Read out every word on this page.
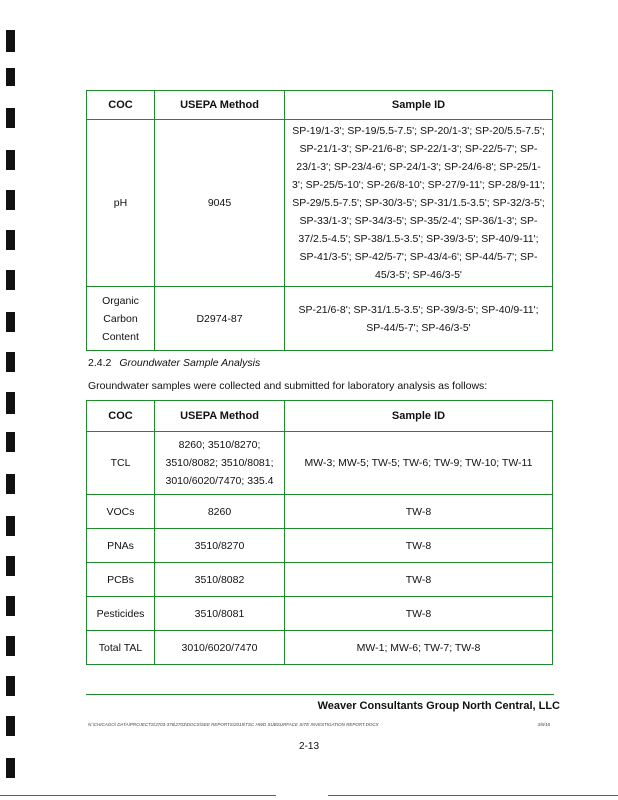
COC	USEPA Method	Sample ID
pH	9045	SP-19/1-3'; SP-19/5.5-7.5'; SP-20/1-3'; SP-20/5.5-7.5'; SP-21/1-3'; SP-21/6-8'; SP-22/1-3'; SP-22/5-7'; SP-23/1-3'; SP-23/4-6'; SP-24/1-3'; SP-24/6-8'; SP-25/1-3'; SP-25/5-10'; SP-26/8-10'; SP-27/9-11'; SP-28/9-11'; SP-29/5.5-7.5'; SP-30/3-5'; SP-31/1.5-3.5'; SP-32/3-5'; SP-33/1-3'; SP-34/3-5'; SP-35/2-4'; SP-36/1-3'; SP-37/2.5-4.5'; SP-38/1.5-3.5'; SP-39/3-5'; SP-40/9-11'; SP-41/3-5'; SP-42/5-7'; SP-43/4-6'; SP-44/5-7'; SP-45/3-5'; SP-46/3-5'
Organic Carbon Content	D2974-87	SP-21/6-8'; SP-31/1.5-3.5'; SP-39/3-5'; SP-40/9-11'; SP-44/5-7'; SP-46/3-5'
2.4.2 Groundwater Sample Analysis
Groundwater samples were collected and submitted for laboratory analysis as follows:
COC	USEPA Method	Sample ID
TCL	8260; 3510/8270; 3510/8082; 3510/8081; 3010/6020/7470; 335.4	MW-3; MW-5; TW-5; TW-6; TW-9; TW-10; TW-11
VOCs	8260	TW-8
PNAs	3510/8270	TW-8
PCBs	3510/8082	TW-8
Pesticides	3510/8081	TW-8
Total TAL	3010/6020/7470	MW-1; MW-6; TW-7; TW-8
Weaver Consultants Group North Central, LLC
N:\CHICAGO\ DATA\PROJECTS\3703-376\2703\DOCS\SEE REPORTS\2015\TSC HWD SUBSURFACE SITE INVESTIGATION REPORT.DOCX	3/8/16
2-13
